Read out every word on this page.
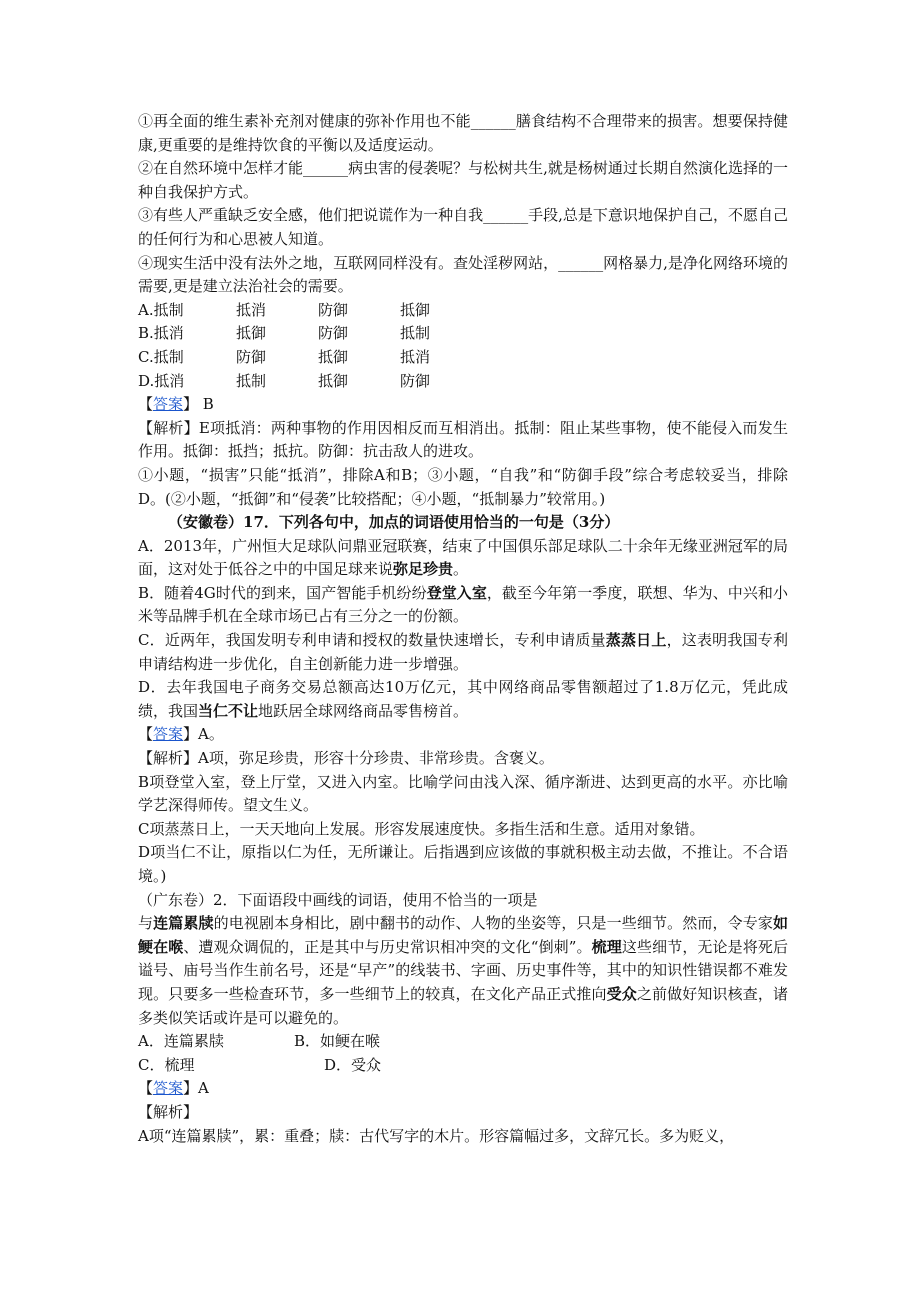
①再全面的维生素补充剂对健康的弥补作用也不能______膳食结构不合理带来的损害。想要保持健康,更重要的是维持饮食的平衡以及适度运动。

②在自然环境中怎样才能______病虫害的侵袭呢？与松树共生,就是杨树通过长期自然演化选择的一种自我保护方式。

③有些人严重缺乏安全感，他们把说谎作为一种自我______手段,总是下意识地保护自己，不愿自己的任何行为和心思被人知道。

④现实生活中没有法外之地，互联网同样没有。查处淫秽网站，______网格暴力,是净化网络环境的需要,更是建立法治社会的需要。

A.抵制	抵消	防御	抵御
B.抵消	抵御	防御	抵制
C.抵制	防御	抵御	抵消
D.抵消	抵制	抵御	防御

【答案】 B

【解析】E项抵消：两种事物的作用因相反而互相消出。抵制：阻止某些事物，使不能侵入而发生作用。抵御：抵挡；抵抗。防御：抗击敌人的进攻。

①小题，“损害”只能“抵消”，排除A和B；③小题，“自我”和“防御手段”综合考虑较妥当，排除D。(②小题，“抵御”和“侵袭”比较搭配；④小题，“抵制暴力”较常用。)

（安徽卷）17．下列各句中，加点的词语使用恰当的一句是（3分）

A．2013年，广州恒大足球队问鼎亚冠联赛，结束了中国俱乐部足球队二十余年无缘亚洲冠军的局面，这对处于低谷之中的中国足球来说弥足珍贵。

B．随着4G时代的到来，国产智能手机纷纷登堂入室，截至今年第一季度，联想、华为、中兴和小米等品牌手机在全球市场已占有三分之一的份额。

C．近两年，我国发明专利申请和授权的数量快速增长，专利申请质量蒸蒸日上，这表明我国专利申请结构进一步优化，自主创新能力进一步增强。

D．去年我国电子商务交易总额高达10万亿元，其中网络商品零售额超过了1.8万亿元，凭此成绩，我国当仁不让地跃居全球网络商品零售榜首。

【答案】A。

【解析】A项，弥足珍贵，形容十分珍贵、非常珍贵。含褒义。

B项登堂入室，登上厅堂，又进入内室。比喻学问由浅入深、循序渐进、达到更高的水平。亦比喻学艺深得师传。望文生义。

C项蒸蒸日上，一天天地向上发展。形容发展速度快。多指生活和生意。适用对象错。

D项当仁不让，原指以仁为任，无所谦让。后指遇到应该做的事就积极主动去做，不推让。不合语境。)

（广东卷）2．下面语段中画线的词语，使用不恰当的一项是

与连篇累牍的电视剧本身相比，剧中翻书的动作、人物的坐姿等，只是一些细节。然而，令专家如鲠在喉、遭观众调侃的，正是其中与历史常识相冲突的文化“倒刺”。梳理这些细节，无论是将死后谥号、庙号当作生前名号，还是“早产”的线装书、字画、历史事件等，其中的知识性错误都不难发现。只要多一些检查环节，多一些细节上的较真，在文化产品正式推向受众之前做好知识核查，诸多类似笑话或许是可以避免的。

A．连篇累牍	B．如鲠在喉
C．梳理	D．受众

【答案】A

【解析】

A项“连篇累牍”，累：重叠；牍：古代写字的木片。形容篇幅过多，文辞冗长。多为贬义，
